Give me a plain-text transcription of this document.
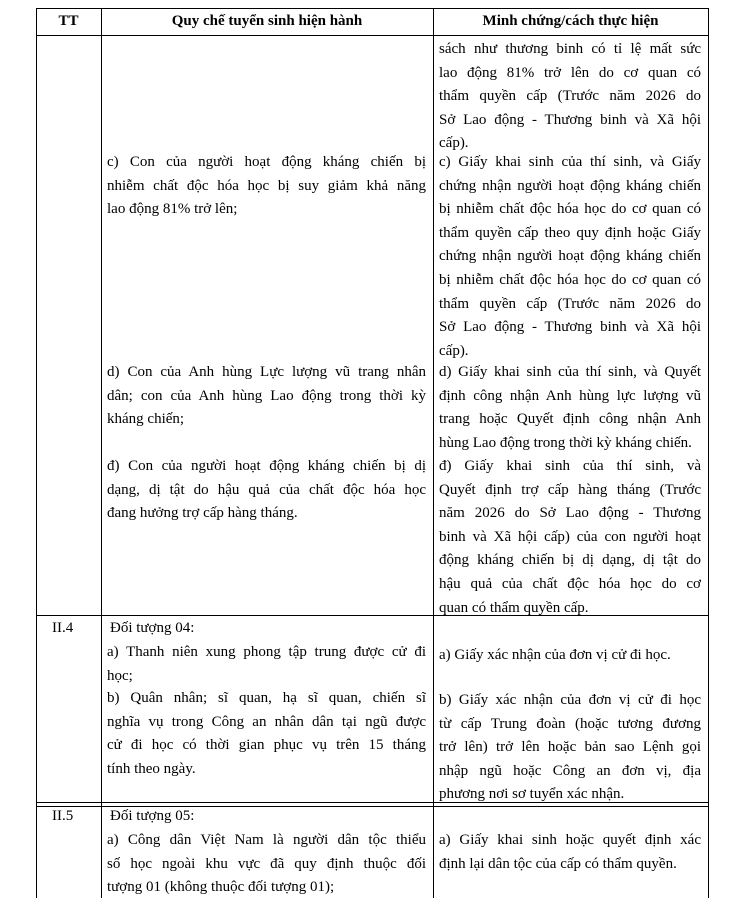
TT	Quy chế tuyển sinh hiện hành	Minh chứng/cách thực hiện
sách như thương binh có tỉ lệ mất sức
lao động 81% trở lên do cơ quan có
thẩm quyền cấp (Trước năm 2026 do
Sở Lao động - Thương binh và Xã hội
cấp).
c) Con của người hoạt động kháng chiến bị
nhiễm chất độc hóa học bị suy giảm khả năng
lao động 81% trở lên;
c) Giấy khai sinh của thí sinh, và Giấy
chứng nhận người hoạt động kháng chiến
bị nhiễm chất độc hóa học do cơ quan có
thẩm quyền cấp theo quy định hoặc Giấy
chứng nhận người hoạt động kháng chiến
bị nhiễm chất độc hóa học do cơ quan có
thẩm quyền cấp (Trước năm 2026 do
Sở Lao động - Thương binh và Xã hội
cấp).
d) Con của Anh hùng Lực lượng vũ trang nhân
dân; con của Anh hùng Lao động trong thời kỳ
kháng chiến;
d) Giấy khai sinh của thí sinh, và Quyết
định công nhận Anh hùng lực lượng vũ
trang hoặc Quyết định công nhận Anh
hùng Lao động trong thời kỳ kháng chiến.
đ) Con của người hoạt động kháng chiến bị dị
dạng, dị tật do hậu quả của chất độc hóa học
đang hưởng trợ cấp hàng tháng.
đ) Giấy khai sinh của thí sinh, và
Quyết định trợ cấp hàng tháng (Trước
năm 2026 do Sở Lao động - Thương
binh và Xã hội cấp) của con người hoạt
động kháng chiến bị dị dạng, dị tật do
hậu quả của chất độc hóa học do cơ
quan có thẩm quyền cấp.
II.4 Đối tượng 04:
a) Thanh niên xung phong tập trung được cử đi
học;
b) Quân nhân; sĩ quan, hạ sĩ quan, chiến sĩ
nghĩa vụ trong Công an nhân dân tại ngũ được
cử đi học có thời gian phục vụ trên 15 tháng
tính theo ngày.
a) Giấy xác nhận của đơn vị cử đi học.
b) Giấy xác nhận của đơn vị cử đi học
từ cấp Trung đoàn (hoặc tương đương
trở lên) trở lên hoặc bản sao Lệnh gọi
nhập ngũ hoặc Công an đơn vị, địa
phương nơi sơ tuyển xác nhận.
II.5 Đối tượng 05:
a) Công dân Việt Nam là người dân tộc thiểu
số học ngoài khu vực đã quy định thuộc đối
tượng 01 (không thuộc đối tượng 01);
a) Giấy khai sinh hoặc quyết định xác
định lại dân tộc của cấp có thẩm quyền.
